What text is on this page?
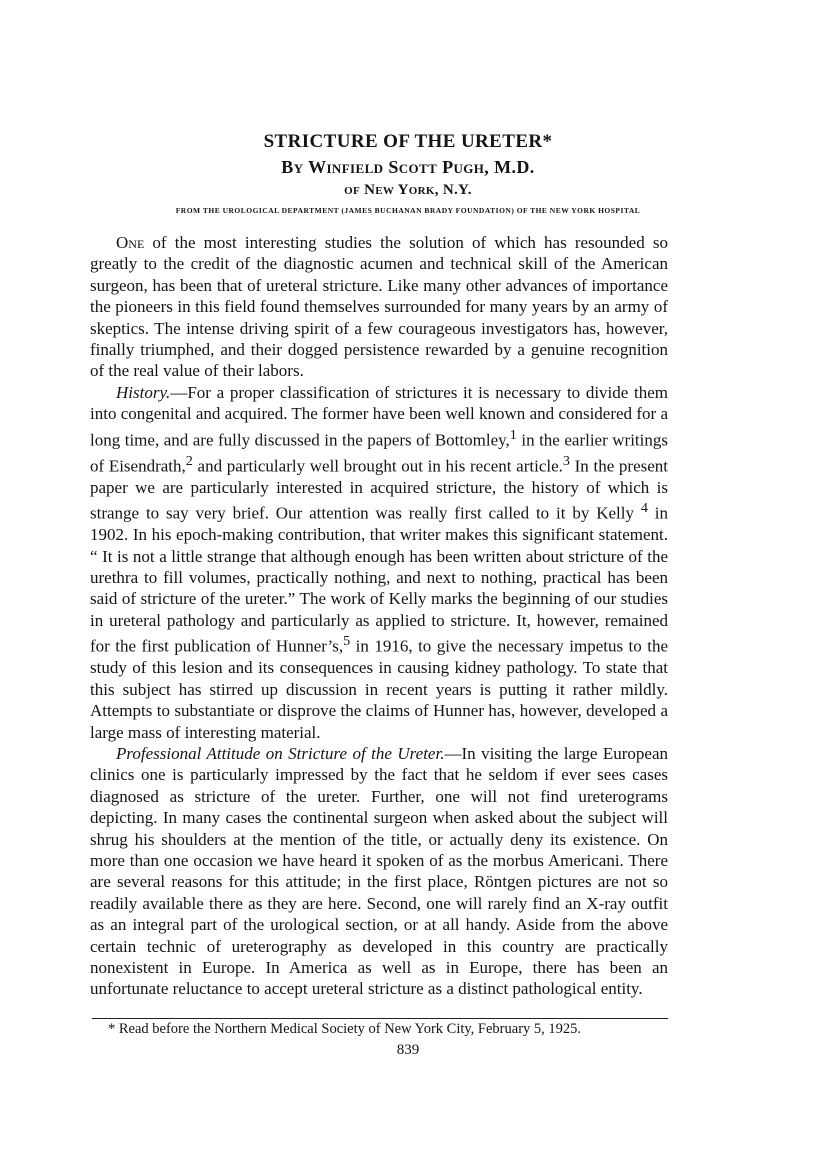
STRICTURE OF THE URETER*
By Winfield Scott Pugh, M.D.
of New York, N.Y.
FROM THE UROLOGICAL DEPARTMENT (JAMES BUCHANAN BRADY FOUNDATION) OF THE NEW YORK HOSPITAL

One of the most interesting studies the solution of which has resounded so greatly to the credit of the diagnostic acumen and technical skill of the American surgeon, has been that of ureteral stricture. Like many other advances of importance the pioneers in this field found themselves surrounded for many years by an army of skeptics. The intense driving spirit of a few courageous investigators has, however, finally triumphed, and their dogged persistence rewarded by a genuine recognition of the real value of their labors.

History.—For a proper classification of strictures it is necessary to divide them into congenital and acquired. The former have been well known and considered for a long time, and are fully discussed in the papers of Bottomley,$^1$ in the earlier writings of Eisendrath,$^2$ and particularly well brought out in his recent article.$^3$ In the present paper we are particularly interested in acquired stricture, the history of which is strange to say very brief. Our attention was really first called to it by Kelly $^4$ in 1902. In his epoch-making contribution, that writer makes this significant statement. “ It is not a little strange that although enough has been written about stricture of the urethra to fill volumes, practically nothing, and next to nothing, practical has been said of stricture of the ureter.” The work of Kelly marks the beginning of our studies in ureteral pathology and particularly as applied to stricture. It, however, remained for the first publication of Hunner’s,$^5$ in 1916, to give the necessary impetus to the study of this lesion and its consequences in causing kidney pathology. To state that this subject has stirred up discussion in recent years is putting it rather mildly. Attempts to substantiate or disprove the claims of Hunner has, however, developed a large mass of interesting material.

Professional Attitude on Stricture of the Ureter.—In visiting the large European clinics one is particularly impressed by the fact that he seldom if ever sees cases diagnosed as stricture of the ureter. Further, one will not find ureterograms depicting. In many cases the continental surgeon when asked about the subject will shrug his shoulders at the mention of the title, or actually deny its existence. On more than one occasion we have heard it spoken of as the morbus Americani. There are several reasons for this attitude; in the first place, Röntgen pictures are not so readily available there as they are here. Second, one will rarely find an X-ray outfit as an integral part of the urological section, or at all handy. Aside from the above certain technic of ureterography as developed in this country are practically nonexistent in Europe. In America as well as in Europe, there has been an unfortunate reluctance to accept ureteral stricture as a distinct pathological entity.

* Read before the Northern Medical Society of New York City, February 5, 1925.
839
